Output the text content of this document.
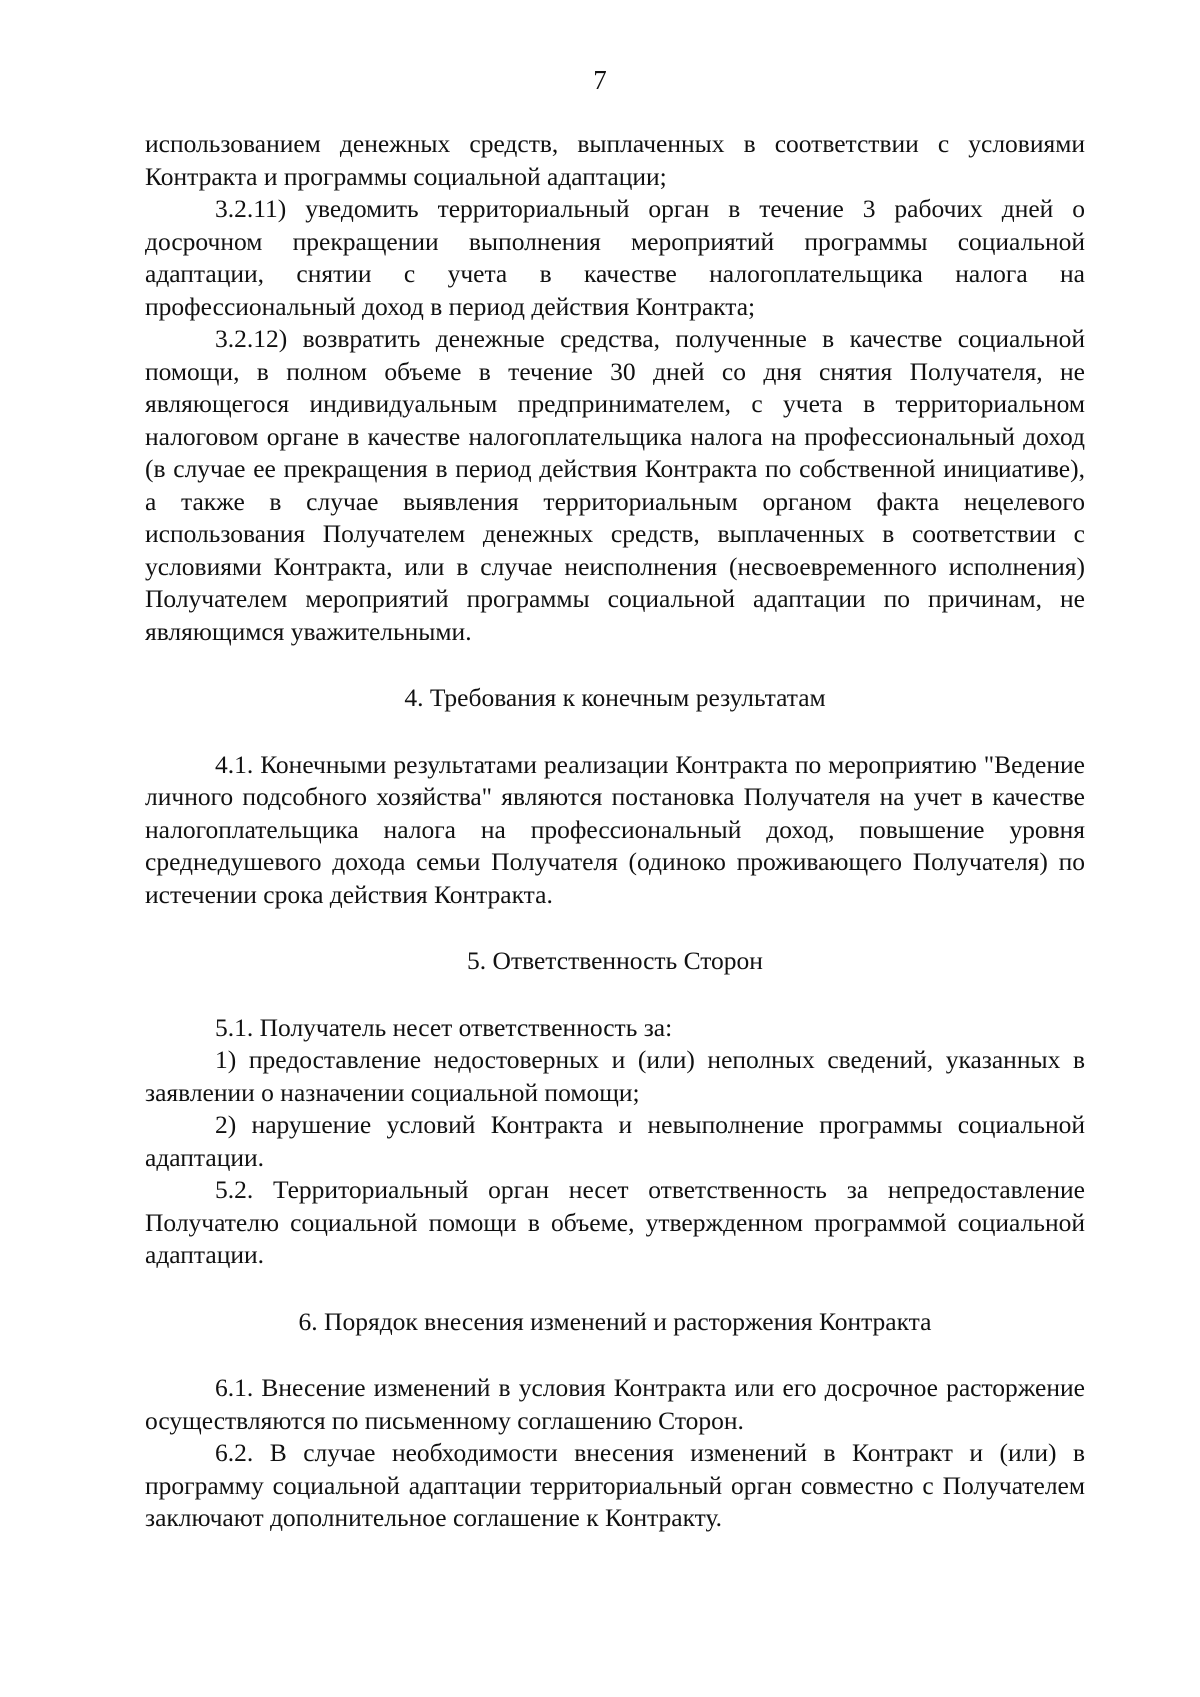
7

использованием денежных средств, выплаченных в соответствии с условиями Контракта и программы социальной адаптации;

3.2.11) уведомить территориальный орган в течение 3 рабочих дней о досрочном прекращении выполнения мероприятий программы социальной адаптации, снятии с учета в качестве налогоплательщика налога на профессиональный доход в период действия Контракта;

3.2.12) возвратить денежные средства, полученные в качестве социальной помощи, в полном объеме в течение 30 дней со дня снятия Получателя, не являющегося индивидуальным предпринимателем, с учета в территориальном налоговом органе в качестве налогоплательщика налога на профессиональный доход (в случае ее прекращения в период действия Контракта по собственной инициативе), а также в случае выявления территориальным органом факта нецелевого использования Получателем денежных средств, выплаченных в соответствии с условиями Контракта, или в случае неисполнения (несвоевременного исполнения) Получателем мероприятий программы социальной адаптации по причинам, не являющимся уважительными.

4. Требования к конечным результатам

4.1. Конечными результатами реализации Контракта по мероприятию "Ведение личного подсобного хозяйства" являются постановка Получателя на учет в качестве налогоплательщика налога на профессиональный доход, повышение уровня среднедушевого дохода семьи Получателя (одиноко проживающего Получателя) по истечении срока действия Контракта.

5. Ответственность Сторон

5.1. Получатель несет ответственность за:

1) предоставление недостоверных и (или) неполных сведений, указанных в заявлении о назначении социальной помощи;

2) нарушение условий Контракта и невыполнение программы социальной адаптации.

5.2. Территориальный орган несет ответственность за непредоставление Получателю социальной помощи в объеме, утвержденном программой социальной адаптации.

6. Порядок внесения изменений и расторжения Контракта

6.1. Внесение изменений в условия Контракта или его досрочное расторжение осуществляются по письменному соглашению Сторон.

6.2. В случае необходимости внесения изменений в Контракт и (или) в программу социальной адаптации территориальный орган совместно с Получателем заключают дополнительное соглашение к Контракту.
